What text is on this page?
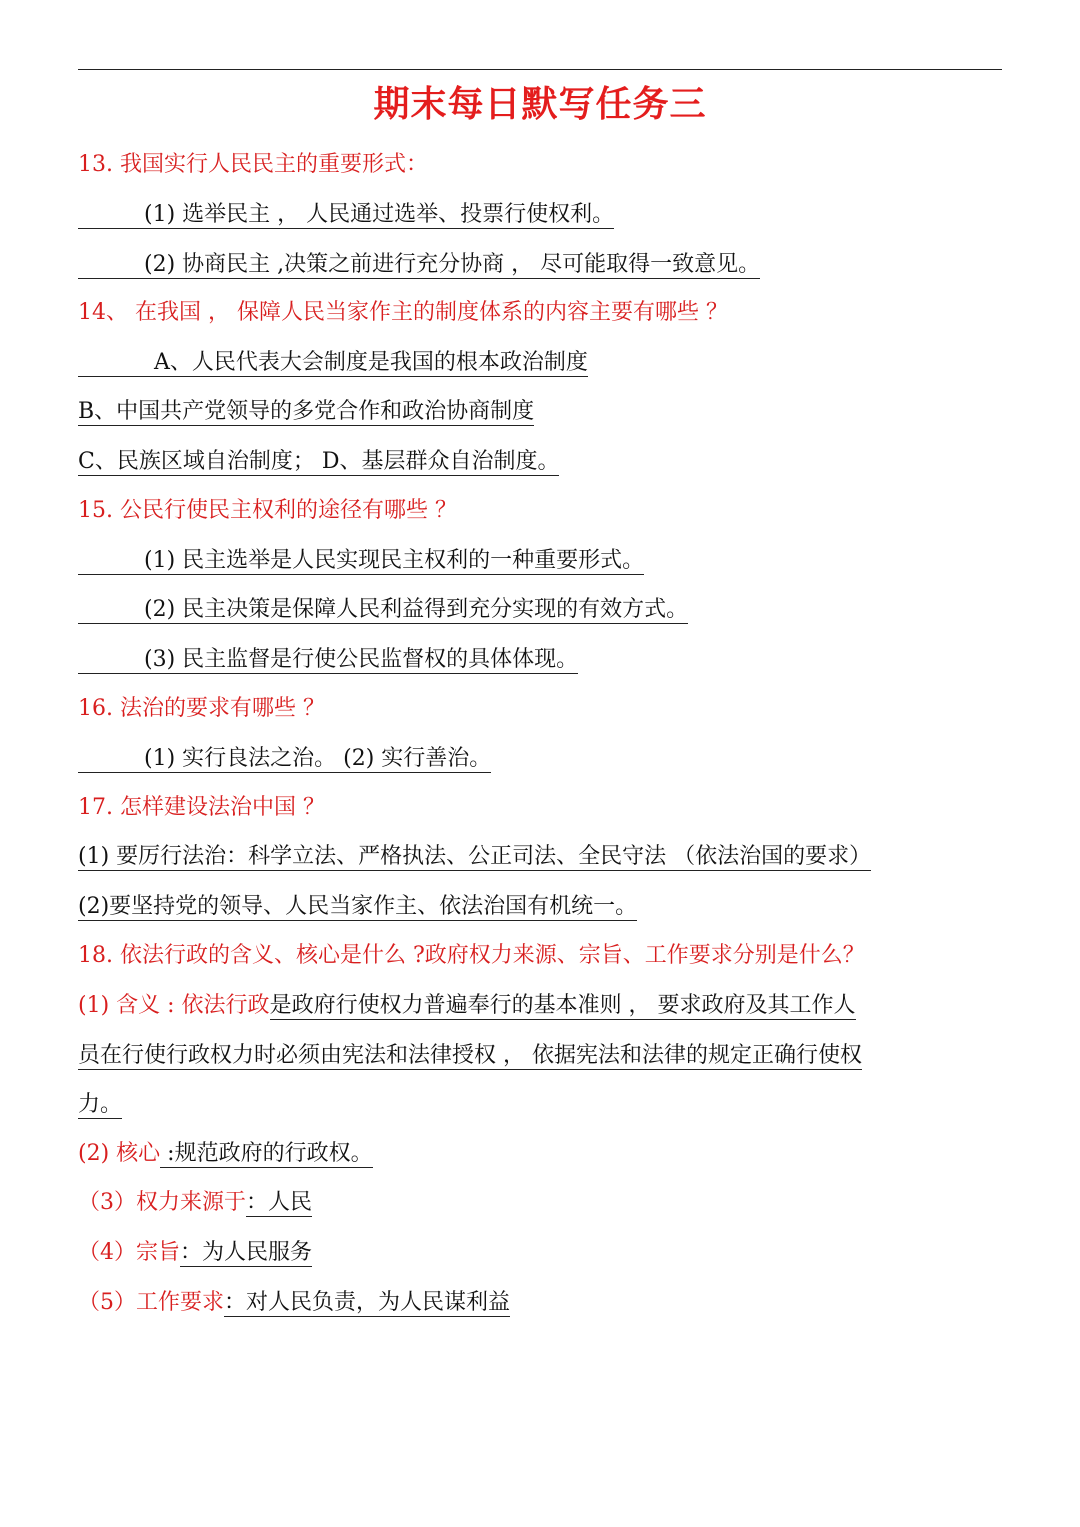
期末每日默写任务三
13. 我国实行人民民主的重要形式：
(1) 选举民主 ， 人民通过选举、投票行使权利。
(2) 协商民主 ,决策之前进行充分协商 ， 尽可能取得一致意见。
14、 在我国 ， 保障人民当家作主的制度体系的内容主要有哪些 ？
A、人民代表大会制度是我国的根本政治制度
B、中国共产党领导的多党合作和政治协商制度
C、民族区域自治制度； D、基层群众自治制度。
15. 公民行使民主权利的途径有哪些 ？
(1) 民主选举是人民实现民主权利的一种重要形式。
(2) 民主决策是保障人民利益得到充分实现的有效方式。
(3) 民主监督是行使公民监督权的具体体现。
16. 法治的要求有哪些 ？
(1) 实行良法之治。 (2) 实行善治。
17. 怎样建设法治中国 ？
(1) 要厉行法治：科学立法、严格执法、公正司法、全民守法 （依法治国的要求）
(2)要坚持党的领导、人民当家作主、依法治国有机统一。
18. 依法行政的含义、核心是什么 ?政府权力来源、宗旨、工作要求分别是什么？
(1) 含义 : 依法行政是政府行使权力普遍奉行的基本准则 ， 要求政府及其工作人
员在行使行政权力时必须由宪法和法律授权 ， 依据宪法和法律的规定正确行使权
力。
(2) 核心 :规范政府的行政权。
（3）权力来源于：人民
（4）宗旨：为人民服务
（5）工作要求：对人民负责，为人民谋利益
